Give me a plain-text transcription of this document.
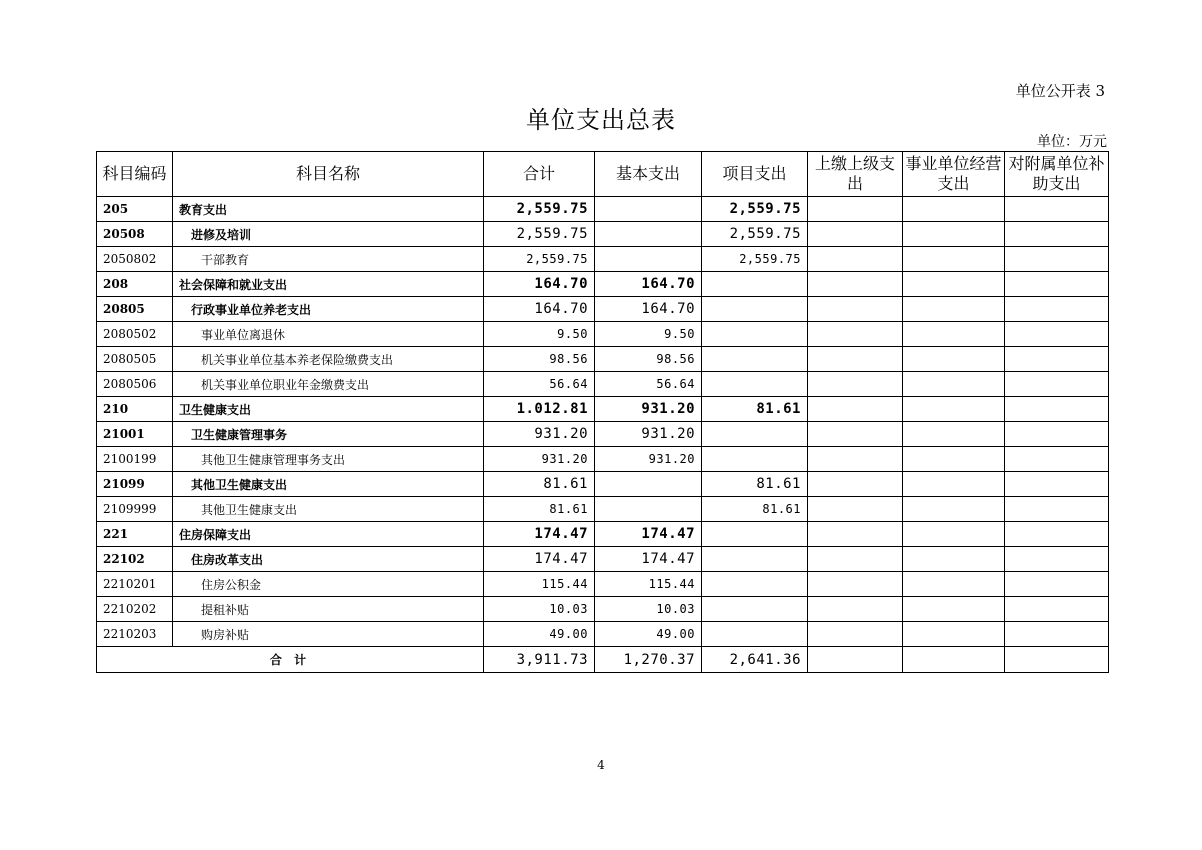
单位公开表 3
单位支出总表
单位：万元
科目编码	科目名称	合计	基本支出	项目支出	上缴上级支出	事业单位经营支出	对附属单位补助支出
205	教育支出	2,559.75		2,559.75			
20508	进修及培训	2,559.75		2,559.75			
2050802	干部教育	2,559.75		2,559.75			
208	社会保障和就业支出	164.70	164.70				
20805	行政事业单位养老支出	164.70	164.70				
2080502	事业单位离退休	9.50	9.50				
2080505	机关事业单位基本养老保险缴费支出	98.56	98.56				
2080506	机关事业单位职业年金缴费支出	56.64	56.64				
210	卫生健康支出	1.012.81	931.20	81.61			
21001	卫生健康管理事务	931.20	931.20				
2100199	其他卫生健康管理事务支出	931.20	931.20				
21099	其他卫生健康支出	81.61		81.61			
2109999	其他卫生健康支出	81.61		81.61			
221	住房保障支出	174.47	174.47				
22102	住房改革支出	174.47	174.47				
2210201	住房公积金	115.44	115.44				
2210202	提租补贴	10.03	10.03				
2210203	购房补贴	49.00	49.00				
合 计		3,911.73	1,270.37	2,641.36			
4
